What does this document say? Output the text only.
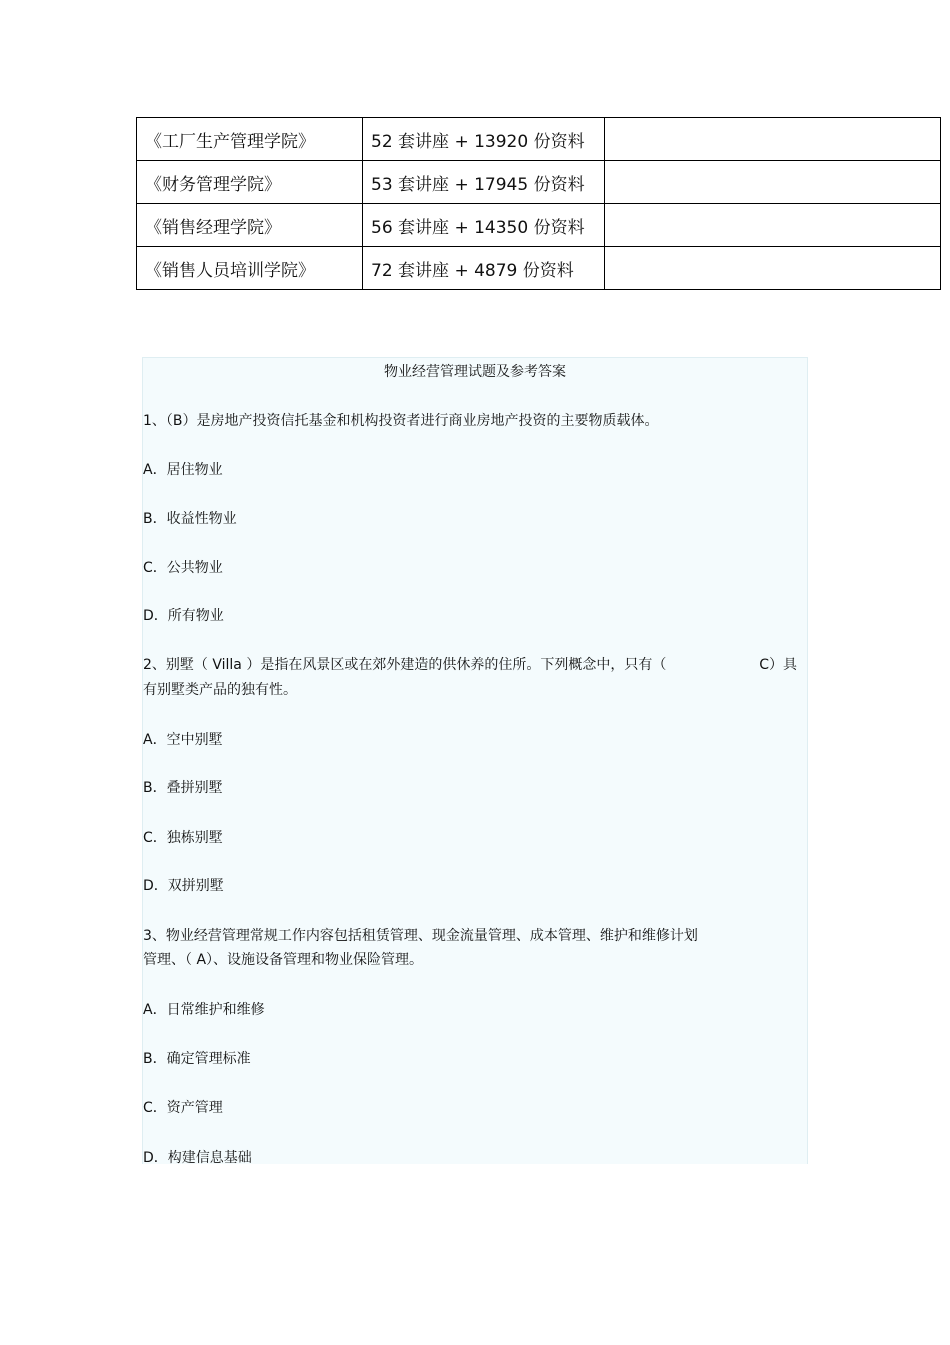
《工厂生产管理学院》	52 套讲座 + 13920 份资料	
《财务管理学院》	53 套讲座 + 17945 份资料	
《销售经理学院》	56 套讲座 + 14350 份资料	
《销售人员培训学院》	72 套讲座 + 4879 份资料	
物业经营管理试题及参考答案
1、（B）是房地产投资信托基金和机构投资者进行商业房地产投资的主要物质载体。
A．居住物业
B．收益性物业
C．公共物业
D．所有物业
2、别墅（ Villa ）是指在风景区或在郊外建造的供休养的住所。下列概念中，只有（	C）具
有别墅类产品的独有性。
A．空中别墅
B．叠拼别墅
C．独栋别墅
D．双拼别墅
3、物业经营管理常规工作内容包括租赁管理、现金流量管理、成本管理、维护和维修计划
管理、（ A）、设施设备管理和物业保险管理。
A．日常维护和维修
B．确定管理标准
C．资产管理
D．构建信息基础
